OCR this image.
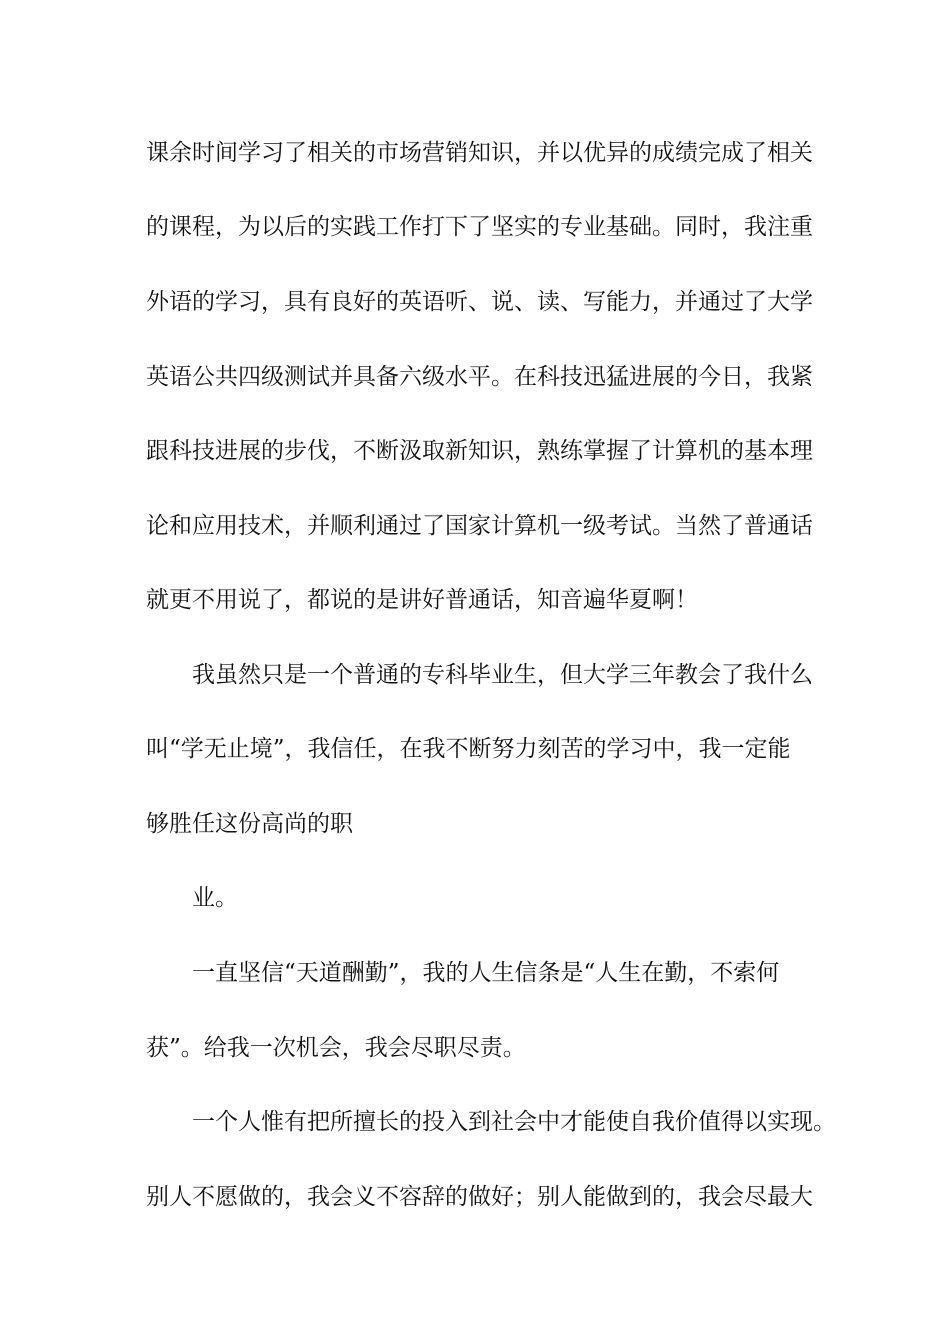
课余时间学习了相关的市场营销知识，并以优异的成绩完成了相关
的课程，为以后的实践工作打下了坚实的专业基础。同时，我注重
外语的学习，具有良好的英语听、说、读、写能力，并通过了大学
英语公共四级测试并具备六级水平。在科技迅猛进展的今日，我紧
跟科技进展的步伐，不断汲取新知识，熟练掌握了计算机的基本理
论和应用技术，并顺利通过了国家计算机一级考试。当然了普通话
就更不用说了，都说的是讲好普通话，知音遍华夏啊！
我虽然只是一个普通的专科毕业生，但大学三年教会了我什么
叫“学无止境”，我信任，在我不断努力刻苦的学习中，我一定能
够胜任这份高尚的职
业。
一直坚信“天道酬勤”，我的人生信条是“人生在勤，不索何
获”。给我一次机会，我会尽职尽责。
一个人惟有把所擅长的投入到社会中才能使自我价值得以实现。
别人不愿做的，我会义不容辞的做好；别人能做到的，我会尽最大
